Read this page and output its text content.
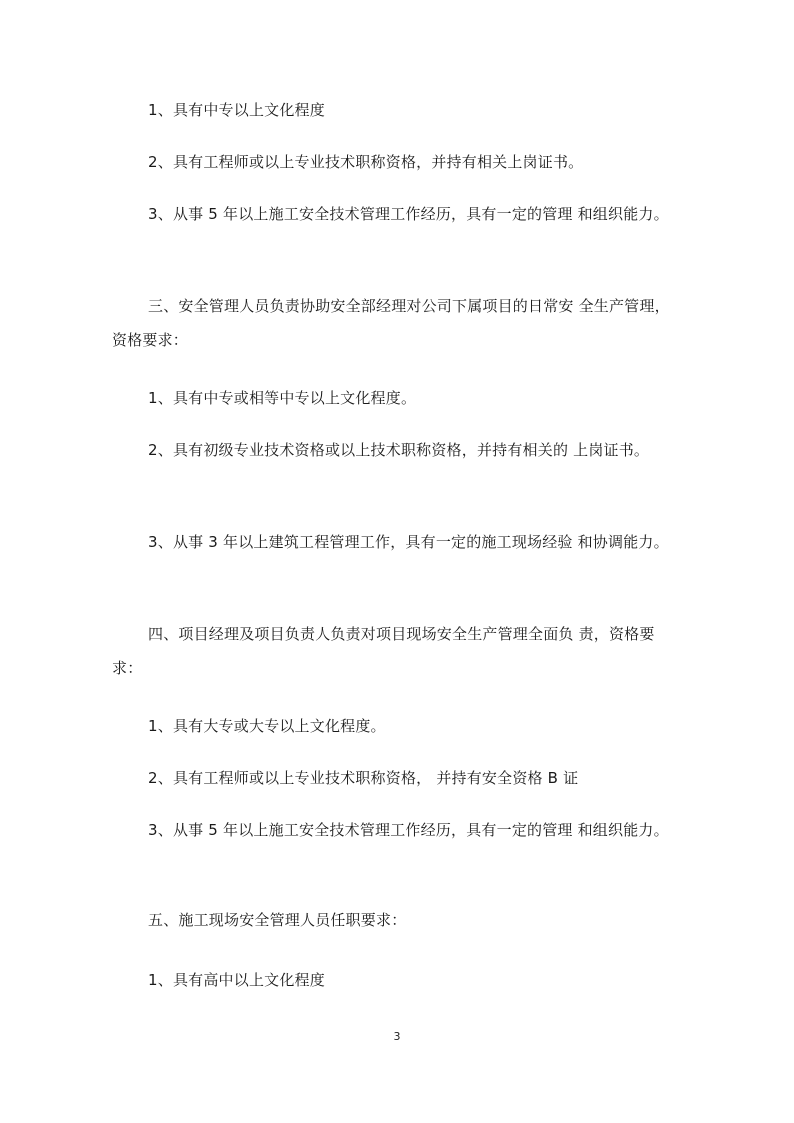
1、具有中专以上文化程度

2、具有工程师或以上专业技术职称资格，并持有相关上岗证书。

3、从事 5 年以上施工安全技术管理工作经历，具有一定的管理 和组织能力。

三、安全管理人员负责协助安全部经理对公司下属项目的日常安 全生产管理，资格要求：

1、具有中专或相等中专以上文化程度。

2、具有初级专业技术资格或以上技术职称资格，并持有相关的 上岗证书。

3、从事 3 年以上建筑工程管理工作，具有一定的施工现场经验 和协调能力。

四、项目经理及项目负责人负责对项目现场安全生产管理全面负 责，资格要求：

1、具有大专或大专以上文化程度。

2、具有工程师或以上专业技术职称资格， 并持有安全资格 B 证

3、从事 5 年以上施工安全技术管理工作经历，具有一定的管理 和组织能力。

五、施工现场安全管理人员任职要求：

1、具有高中以上文化程度

3
